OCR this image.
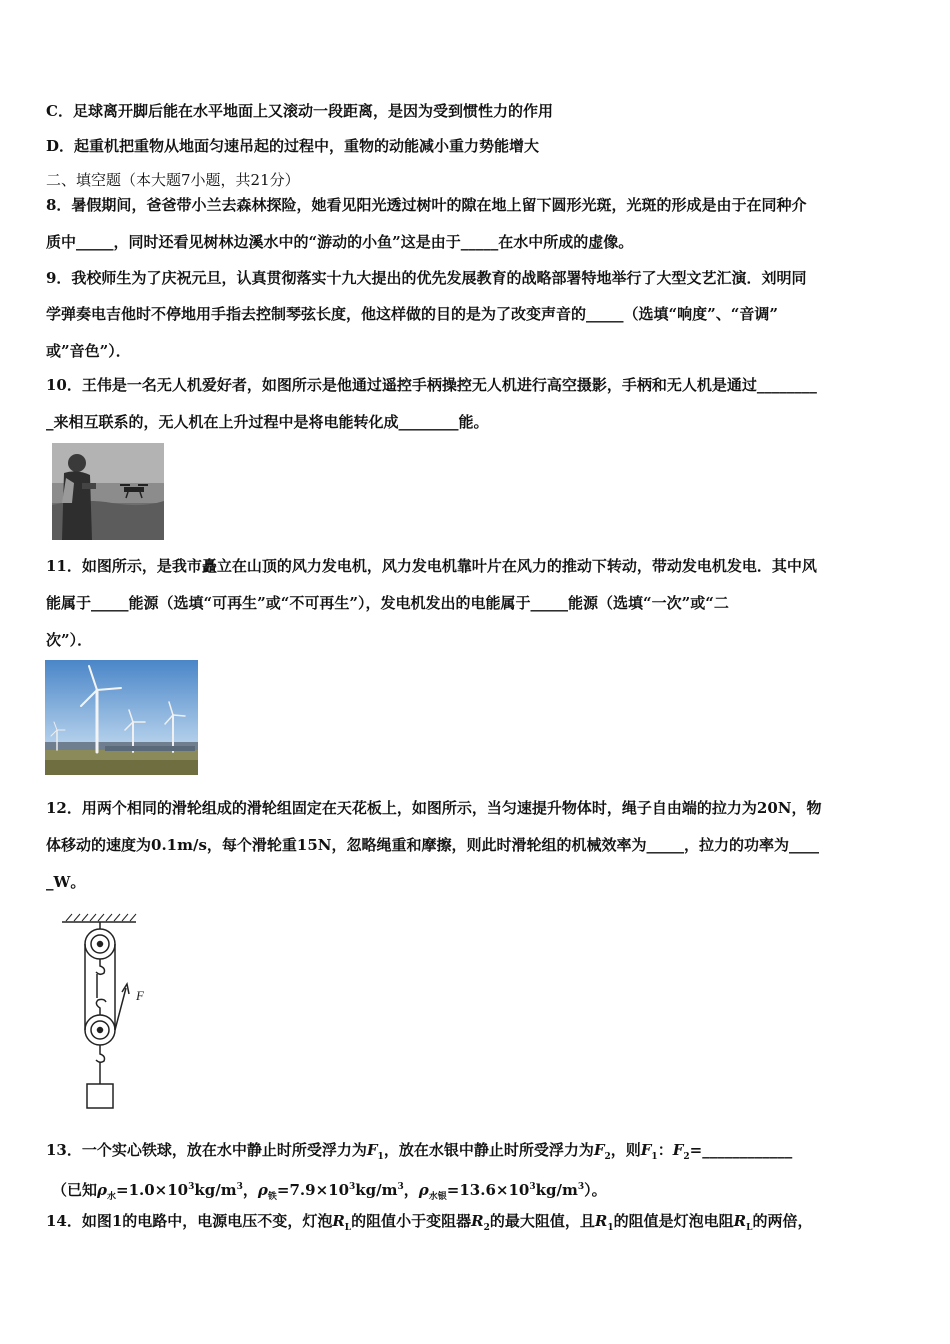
C．足球离开脚后能在水平地面上又滚动一段距离，是因为受到惯性力的作用
D．起重机把重物从地面匀速吊起的过程中，重物的动能减小重力势能增大
二、填空题（本大题7小题，共21分）
8．暑假期间，爸爸带小兰去森林探险，她看见阳光透过树叶的隙在地上留下圆形光斑，光斑的形成是由于在同种介
质中_____，同时还看见树林边溪水中的“游动的小鱼”这是由于_____在水中所成的虚像。
9．我校师生为了庆祝元旦，认真贯彻落实十九大提出的优先发展教育的战略部署特地举行了大型文艺汇演．刘明同
学弹奏电吉他时不停地用手指去控制琴弦长度，他这样做的目的是为了改变声音的_____（选填“响度”、“音调”
或”音色”）．
10．王伟是一名无人机爱好者，如图所示是他通过遥控手柄操控无人机进行高空摄影，手柄和无人机是通过________
_来相互联系的，无人机在上升过程中是将电能转化成________能。
11．如图所示，是我市矗立在山顶的风力发电机，风力发电机靠叶片在风力的推动下转动，带动发电机发电．其中风
能属于_____能源（选填“可再生”或“不可再生”），发电机发出的电能属于_____能源（选填“一次”或“二
次”）．
12．用两个相同的滑轮组成的滑轮组固定在天花板上，如图所示，当匀速提升物体时，绳子自由端的拉力为20N，物
体移动的速度为0.1m/s，每个滑轮重15N，忽略绳重和摩擦，则此时滑轮组的机械效率为_____，拉力的功率为____
_W。
F
13．一个实心铁球，放在水中静止时所受浮力为$F_1$，放在水银中静止时所受浮力为$F_2$，则$F_1$：$F_2=\_\_\_\_\_\_\_\_\_\_\_\_$
（已知$\rho_水=1.0\times 10^3kg/m^3$，$\rho_铁=7.9\times 10^3kg/m^3$，$\rho_{水银}=13.6\times 10^3kg/m^3$）。
14．如图1的电路中，电源电压不变，灯泡$R_L$的阻值小于变阻器$R_2$的最大阻值，且$R_1$的阻值是灯泡电阻$R_L$的两倍，
